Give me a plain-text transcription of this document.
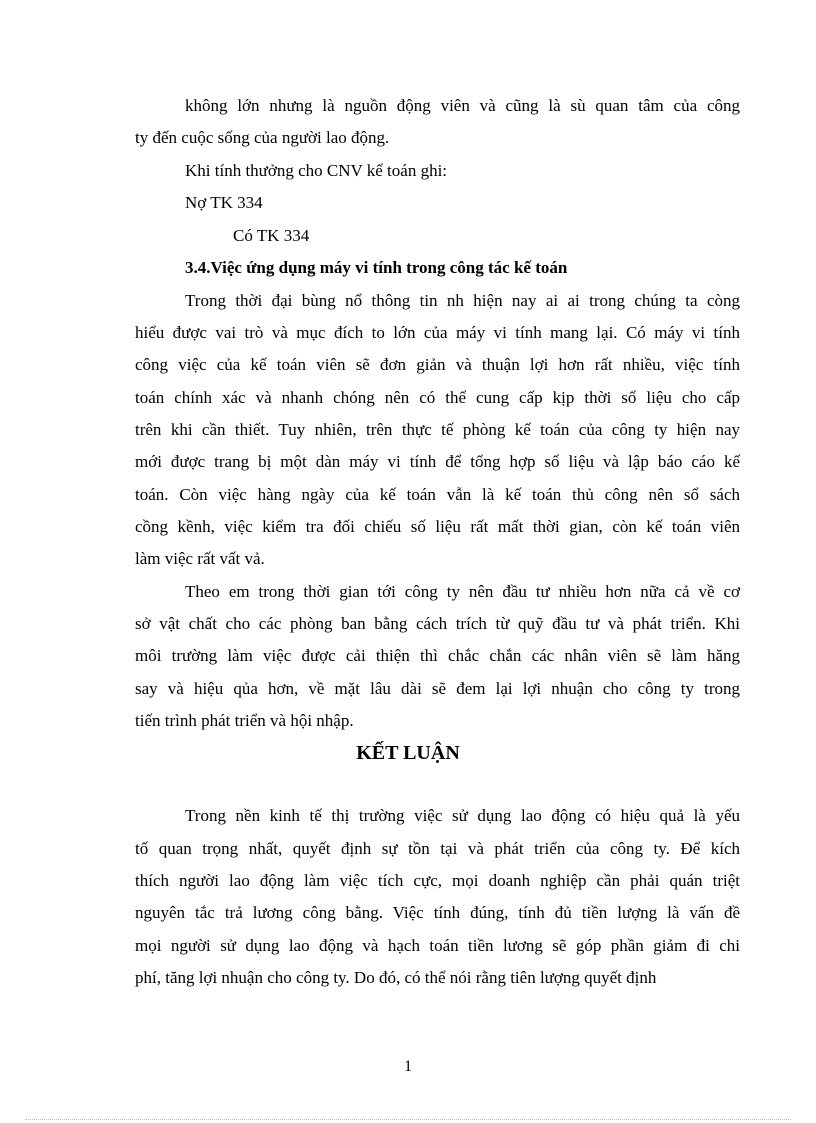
không lớn nhưng là nguồn động viên và cũng là sù quan tâm của công
ty đến cuộc sống của người lao động.
Khi tính thưởng cho CNV kế toán ghi:
Nợ TK 334
Có TK 334
3.4.Việc ứng dụng máy vi tính trong công tác kế toán
Trong thời đại bùng nổ thông tin nh hiện nay ai ai trong chúng ta còng
hiểu được vai trò và mục đích to lớn của máy vi tính mang lại. Có máy vi tính
công việc của kế toán viên sẽ đơn giản và thuận lợi hơn rất nhiều, việc tính
toán chính xác và nhanh chóng nên có thể cung cấp kịp thời số liệu cho cấp
trên khi cần thiết. Tuy nhiên, trên thực tế phòng kế toán của công ty hiện nay
mới được trang bị một dàn máy vi tính để tổng hợp số liệu và lập báo cáo kế
toán. Còn việc hàng ngày của kế toán vẫn là kế toán thủ công nên sổ sách
cồng kềnh, việc kiểm tra đối chiếu số liệu rất mất thời gian, còn kế toán viên
làm việc rất vất vả.
Theo em trong thời gian tới công ty nên đầu tư nhiều hơn nữa cả về cơ
sở vật chất cho các phòng ban bằng cách trích từ quỹ đầu tư và phát triển. Khi
môi trường làm việc được cải thiện thì chắc chắn các nhân viên sẽ làm hăng
say và hiệu qủa hơn, về mặt lâu dài sẽ đem lại lợi nhuận cho công ty trong
tiến trình phát triển và hội nhập.
KẾT LUẬN
Trong nền kinh tế thị trường việc sử dụng lao động có hiệu quả là yếu
tố quan trọng nhất, quyết định sự tồn tại và phát triển của công ty. Để kích
thích người lao động làm việc tích cực, mọi doanh nghiệp cần phải quán triệt
nguyên tắc trả lương công bằng. Việc tính đúng, tính đủ tiền lượng là vấn đề
mọi người sử dụng lao động và hạch toán tiền lương sẽ góp phần giảm đi chi
phí, tăng lợi nhuận cho công ty. Do đó, có thể nói rằng tiên lượng quyết định
1
